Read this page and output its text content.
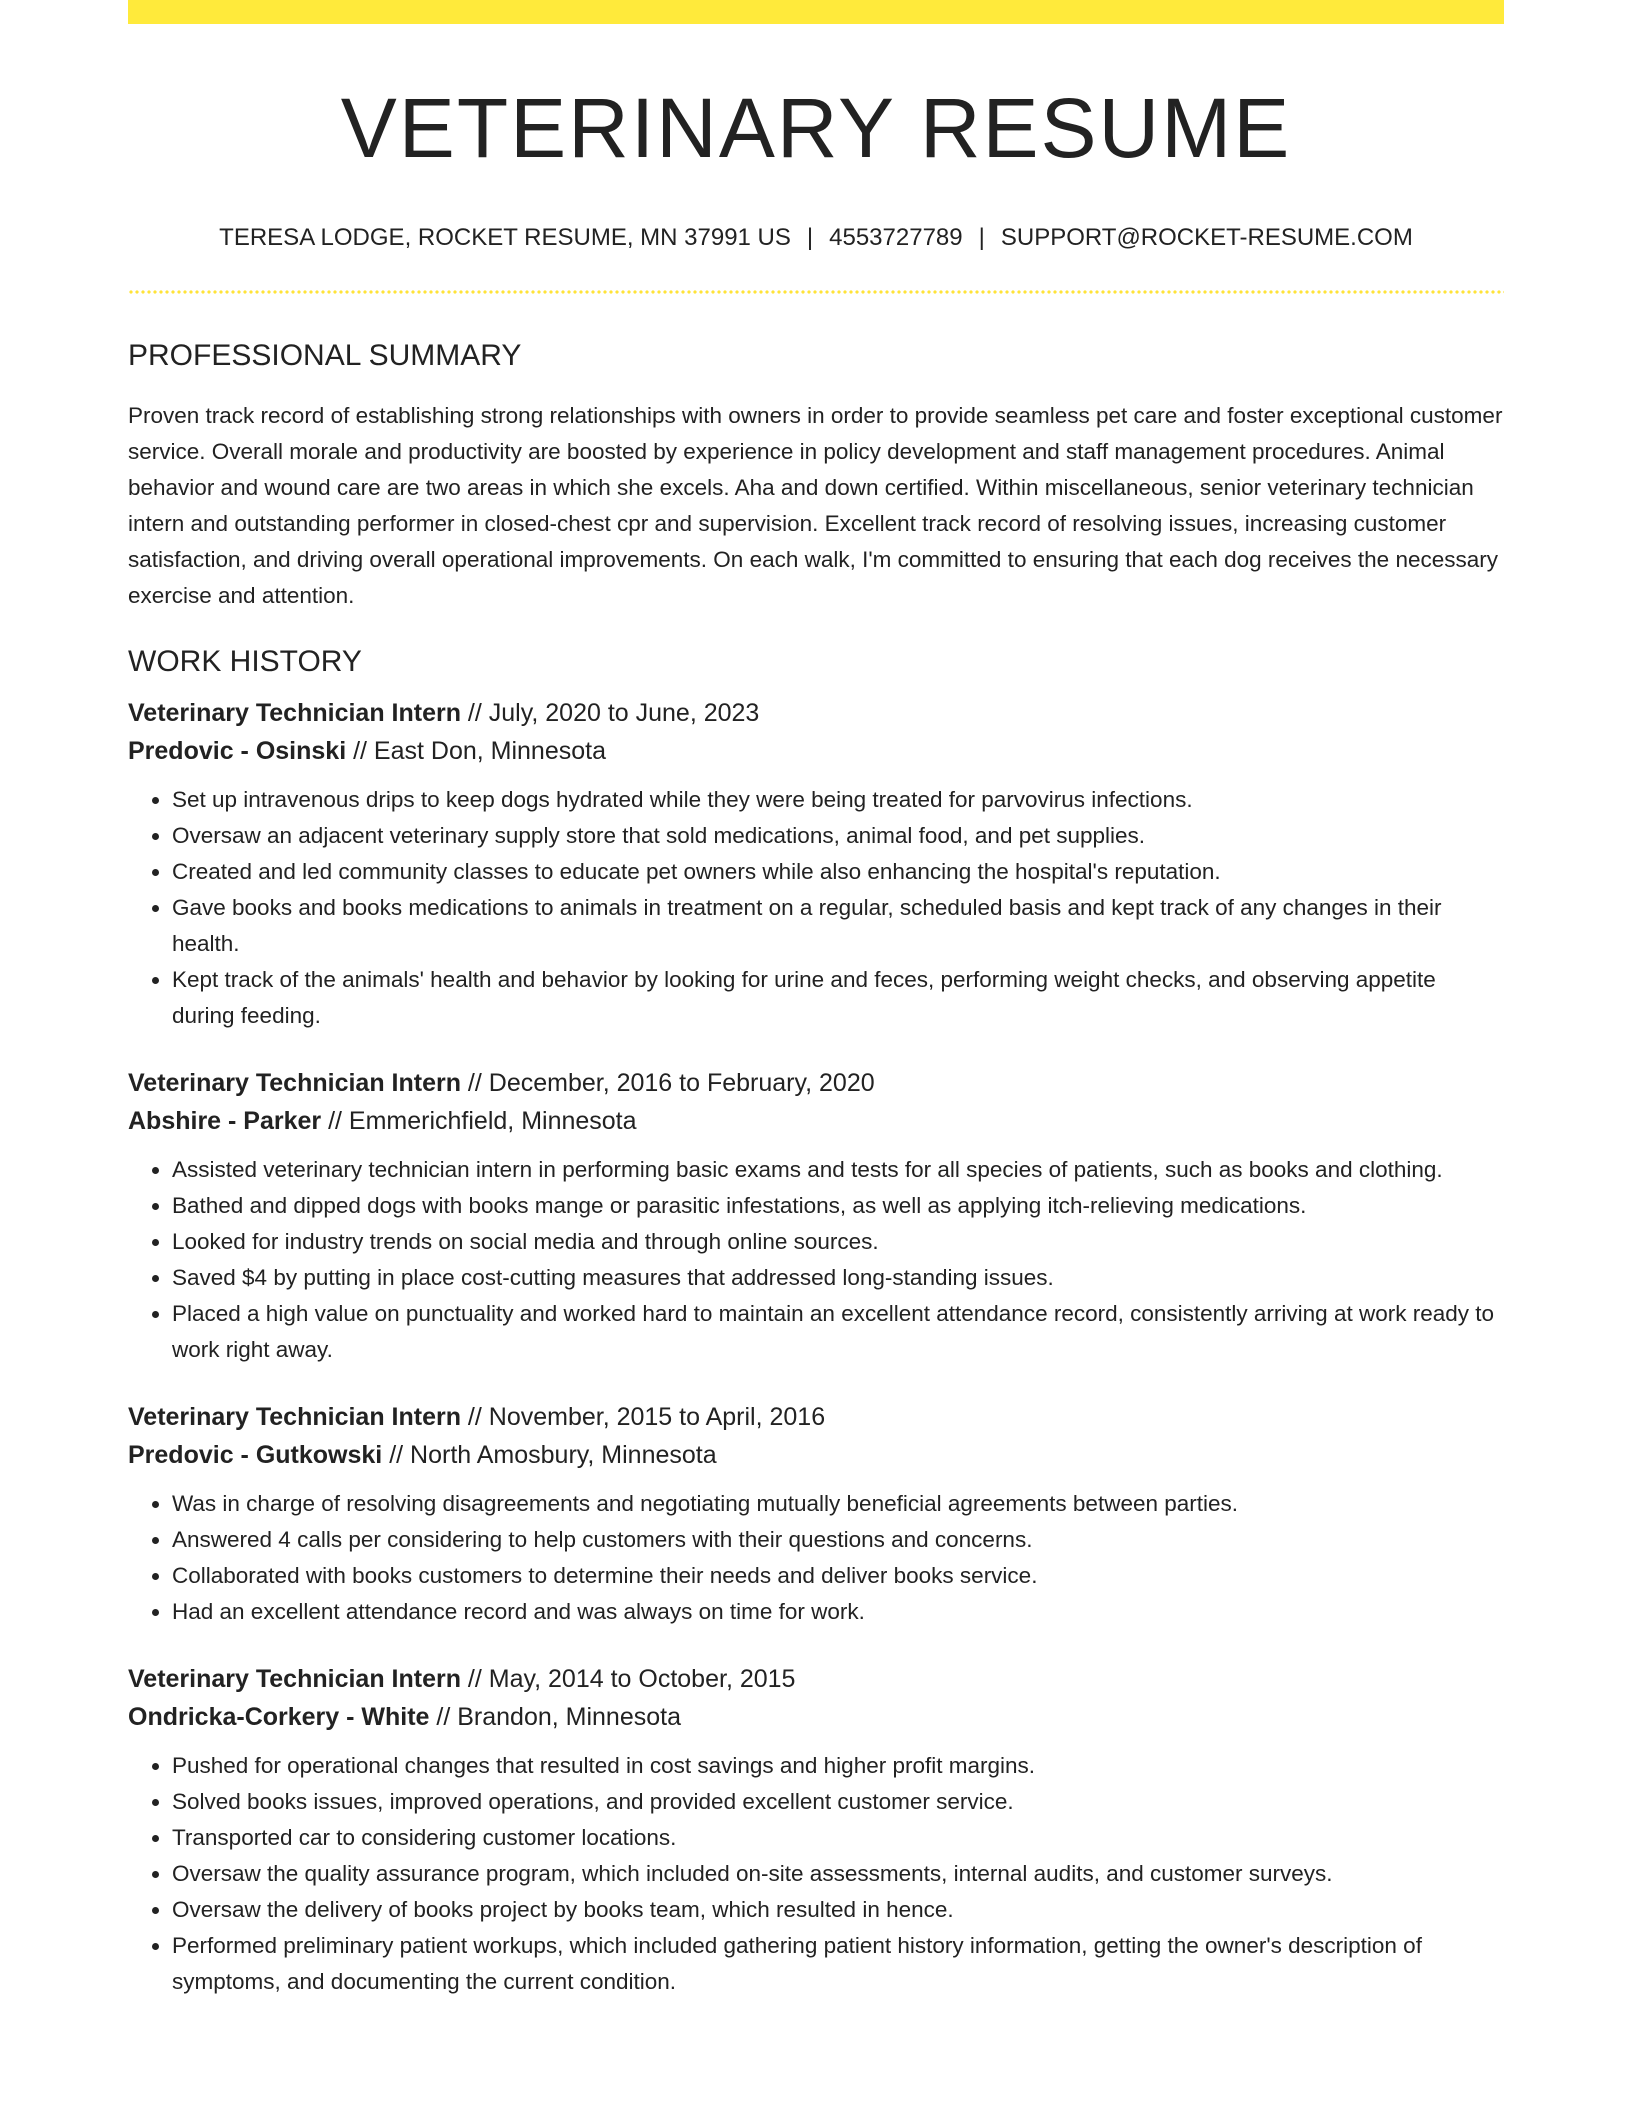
VETERINARY RESUME
TERESA LODGE, ROCKET RESUME, MN 37991 US | 4553727789 | SUPPORT@ROCKET-RESUME.COM
PROFESSIONAL SUMMARY

Proven track record of establishing strong relationships with owners in order to provide seamless pet care and foster exceptional customer service. Overall morale and productivity are boosted by experience in policy development and staff management procedures. Animal behavior and wound care are two areas in which she excels. Aha and down certified. Within miscellaneous, senior veterinary technician intern and outstanding performer in closed-chest cpr and supervision. Excellent track record of resolving issues, increasing customer satisfaction, and driving overall operational improvements. On each walk, I'm committed to ensuring that each dog receives the necessary exercise and attention.

WORK HISTORY
Veterinary Technician Intern // July, 2020 to June, 2023
Predovic - Osinski // East Don, Minnesota
• Set up intravenous drips to keep dogs hydrated while they were being treated for parvovirus infections.
• Oversaw an adjacent veterinary supply store that sold medications, animal food, and pet supplies.
• Created and led community classes to educate pet owners while also enhancing the hospital's reputation.
• Gave books and books medications to animals in treatment on a regular, scheduled basis and kept track of any changes in their health.
• Kept track of the animals' health and behavior by looking for urine and feces, performing weight checks, and observing appetite during feeding.
Veterinary Technician Intern // December, 2016 to February, 2020
Abshire - Parker // Emmerichfield, Minnesota
• Assisted veterinary technician intern in performing basic exams and tests for all species of patients, such as books and clothing.
• Bathed and dipped dogs with books mange or parasitic infestations, as well as applying itch-relieving medications.
• Looked for industry trends on social media and through online sources.
• Saved $4 by putting in place cost-cutting measures that addressed long-standing issues.
• Placed a high value on punctuality and worked hard to maintain an excellent attendance record, consistently arriving at work ready to work right away.
Veterinary Technician Intern // November, 2015 to April, 2016
Predovic - Gutkowski // North Amosbury, Minnesota
• Was in charge of resolving disagreements and negotiating mutually beneficial agreements between parties.
• Answered 4 calls per considering to help customers with their questions and concerns.
• Collaborated with books customers to determine their needs and deliver books service.
• Had an excellent attendance record and was always on time for work.
Veterinary Technician Intern // May, 2014 to October, 2015
Ondricka-Corkery - White // Brandon, Minnesota
• Pushed for operational changes that resulted in cost savings and higher profit margins.
• Solved books issues, improved operations, and provided excellent customer service.
• Transported car to considering customer locations.
• Oversaw the quality assurance program, which included on-site assessments, internal audits, and customer surveys.
• Oversaw the delivery of books project by books team, which resulted in hence.
• Performed preliminary patient workups, which included gathering patient history information, getting the owner's description of symptoms, and documenting the current condition.
